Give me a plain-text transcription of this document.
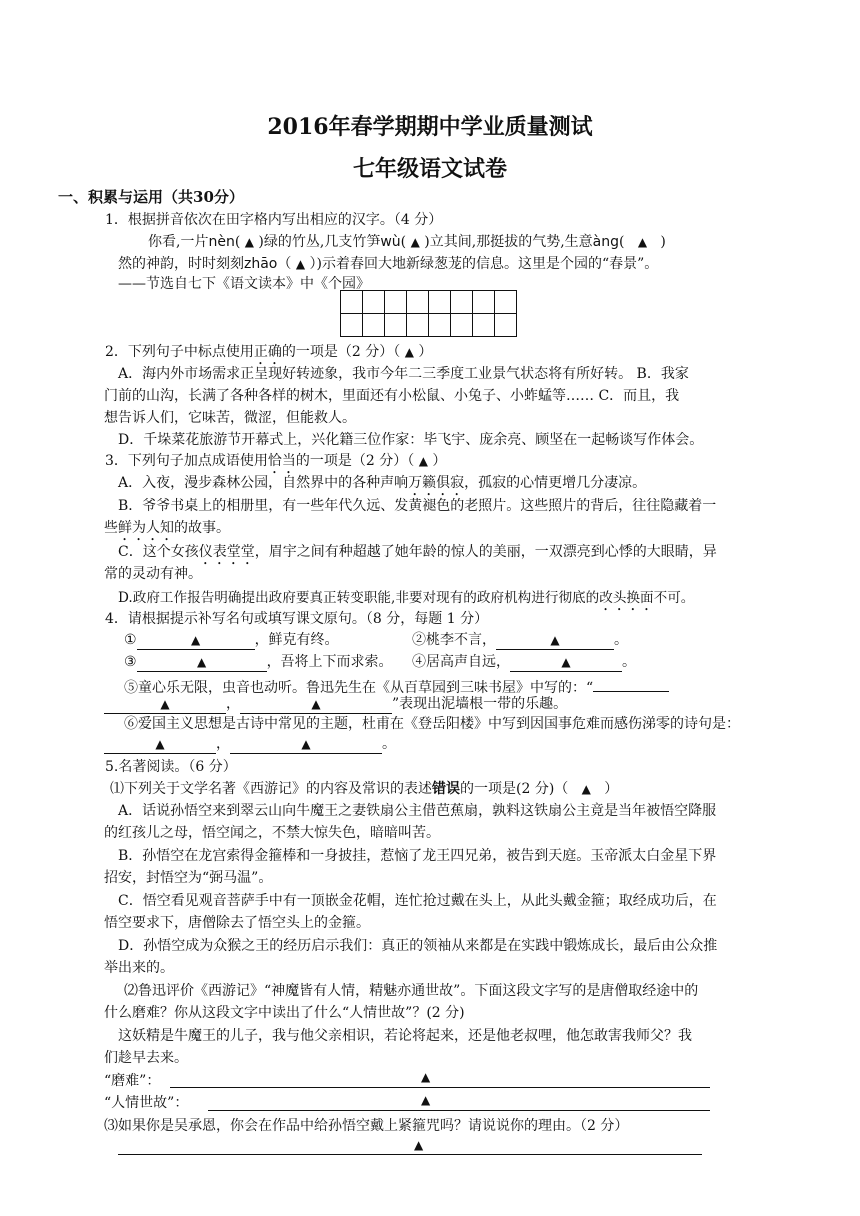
2016年春学期期中学业质量测试
七年级语文试卷
一、积累与运用（共30分）
1．根据拼音依次在田字格内写出相应的汉字。（4 分）
你看,一片nèn( ▲ )绿的竹丛,几支竹笋wù( ▲ )立其间,那挺拔的气势,生意àng( ▲ )
然的神韵，时时刻刻zhāo（ ▲ ）)示着春回大地新绿葱茏的信息。这里是个园的“春景”。
——节选自七下《语文读本》中《个园》

2．下列句子中标点使用正确的一项是（2 分）（ ▲ ）
A．海内外市场需求正呈现好转迹象，我市今年二三季度工业景气状态将有所好转。 B．我家
门前的山沟，长满了各种各样的树木，里面还有小松鼠、小兔子、小蚱蜢等…… C．而且，我
想告诉人们，它味苦，微涩，但能救人。
D．千垛菜花旅游节开幕式上，兴化籍三位作家：毕飞宇、庞余亮、顾坚在一起畅谈写作体会。
3．下列句子加点成语使用恰当的一项是（2 分）（ ▲ ）
A．入夜，漫步森林公园，自然界中的各种声响万籁俱寂，孤寂的心情更增几分凄凉。
B．爷爷书桌上的相册里，有一些年代久远、发黄褪色的老照片。这些照片的背后，往往隐藏着一
些鲜为人知的故事。
C．这个女孩仪表堂堂，眉宇之间有种超越了她年龄的惊人的美丽，一双漂亮到心悸的大眼睛，异
常的灵动有神。
D.政府工作报告明确提出政府要真正转变职能,非要对现有的政府机构进行彻底的改头换面不可。
4．请根据提示补写名句或填写课文原句。（8 分，每题 1 分）
①	▲	，鲜克有终。	②桃李不言，	▲	。
③	▲	，吾将上下而求索。 ④居高声自远，	▲	。
⑤童心乐无限，虫音也动听。鲁迅先生在《从百草园到三味书屋》中写的：“
▲	，	▲	”表现出泥墙根一带的乐趣。
⑥爱国主义思想是古诗中常见的主题，杜甫在《登岳阳楼》中写到因国事危难而感伤涕零的诗句是：
▲	，	▲	。
5.名著阅读。（6 分）
⑴下列关于文学名著《西游记》的内容及常识的表述错误的一项是(2 分)（ ▲ ）
A．话说孙悟空来到翠云山向牛魔王之妻铁扇公主借芭蕉扇，孰料这铁扇公主竟是当年被悟空降服
的红孩儿之母，悟空闻之，不禁大惊失色，暗暗叫苦。
B．孙悟空在龙宫索得金箍棒和一身披挂，惹恼了龙王四兄弟，被告到天庭。玉帝派太白金星下界
招安，封悟空为“弼马温”。
C．悟空看见观音菩萨手中有一顶嵌金花帽，连忙抢过戴在头上，从此头戴金箍；取经成功后，在
悟空要求下，唐僧除去了悟空头上的金箍。
D．孙悟空成为众猴之王的经历启示我们：真正的领袖从来都是在实践中锻炼成长，最后由公众推
举出来的。
⑵鲁迅评价《西游记》“神魔皆有人情，精魅亦通世故”。下面这段文字写的是唐僧取经途中的
什么磨难？你从这段文字中读出了什么“人情世故”？(2 分)
这妖精是牛魔王的儿子，我与他父亲相识，若论将起来，还是他老叔哩，他怎敢害我师父？我
们趁早去来。
“磨难”：	▲
“人情世故”：	▲
⑶如果你是吴承恩，你会在作品中给孙悟空戴上紧箍咒吗？请说说你的理由。（2 分）
▲
